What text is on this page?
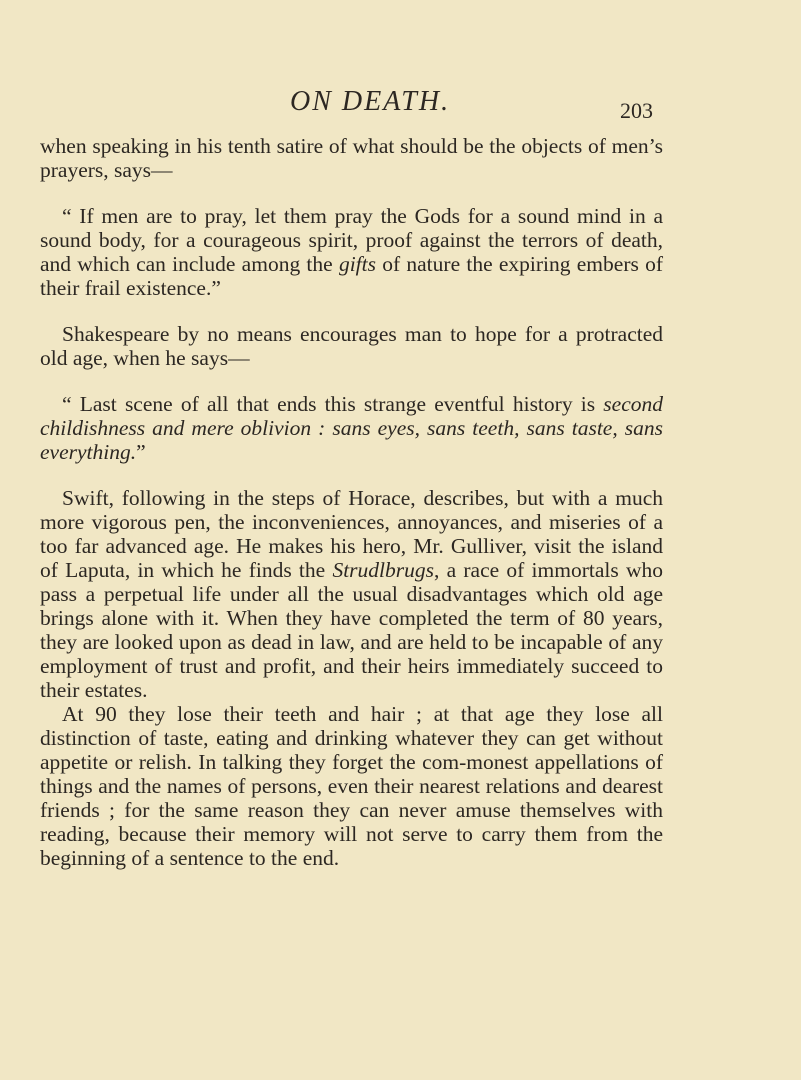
ON DEATH.	203

when speaking in his tenth satire of what should be the objects of men’s prayers, says—

“ If men are to pray, let them pray the Gods for a sound mind in a sound body, for a courageous spirit, proof against the terrors of death, and which can include among the gifts of nature the expiring embers of their frail existence.”

Shakespeare by no means encourages man to hope for a protracted old age, when he says—

“ Last scene of all that ends this strange eventful history is second childishness and mere oblivion : sans eyes, sans teeth, sans taste, sans everything.”

Swift, following in the steps of Horace, describes, but with a much more vigorous pen, the inconveniences, annoyances, and miseries of a too far advanced age. He makes his hero, Mr. Gulliver, visit the island of Laputa, in which he finds the Strudlbrugs, a race of immortals who pass a perpetual life under all the usual disadvantages which old age brings alone with it. When they have completed the term of 80 years, they are looked upon as dead in law, and are held to be incapable of any employment of trust and profit, and their heirs immediately succeed to their estates.

At 90 they lose their teeth and hair ; at that age they lose all distinction of taste, eating and drinking whatever they can get without appetite or relish. In talking they forget the com-monest appellations of things and the names of persons, even their nearest relations and dearest friends ; for the same reason they can never amuse themselves with reading, because their memory will not serve to carry them from the beginning of a sentence to the end.
